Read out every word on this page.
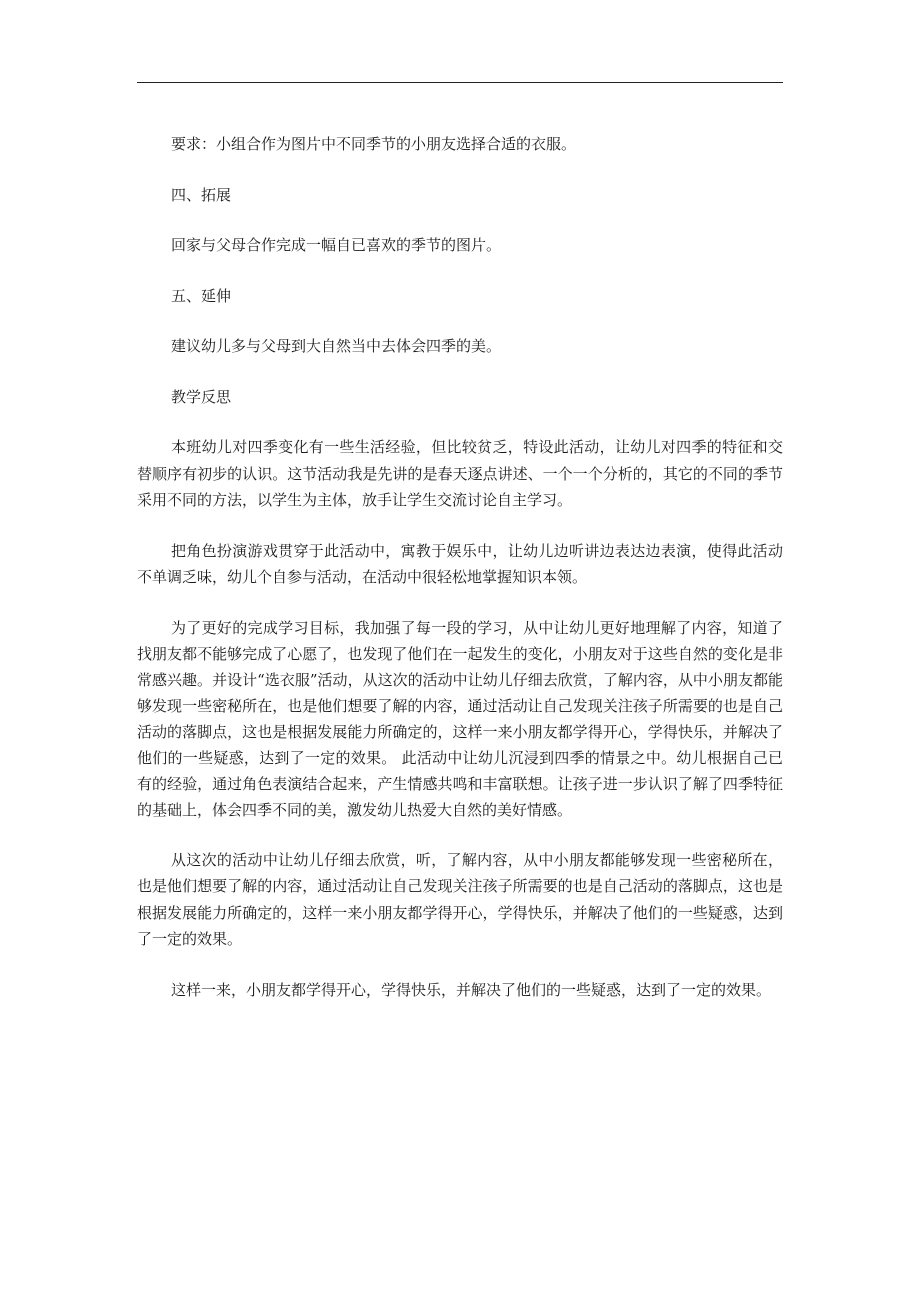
要求：小组合作为图片中不同季节的小朋友选择合适的衣服。

四、拓展

回家与父母合作完成一幅自已喜欢的季节的图片。

五、延伸

建议幼儿多与父母到大自然当中去体会四季的美。

教学反思

本班幼儿对四季变化有一些生活经验，但比较贫乏，特设此活动，让幼儿对四季的特征和交替顺序有初步的认识。这节活动我是先讲的是春天逐点讲述、一个一个分析的，其它的不同的季节采用不同的方法，以学生为主体，放手让学生交流讨论自主学习。

把角色扮演游戏贯穿于此活动中，寓教于娱乐中，让幼儿边听讲边表达边表演，使得此活动不单调乏味，幼儿个自参与活动，在活动中很轻松地掌握知识本领。

为了更好的完成学习目标，我加强了每一段的学习，从中让幼儿更好地理解了内容，知道了找朋友都不能够完成了心愿了，也发现了他们在一起发生的变化，小朋友对于这些自然的变化是非常感兴趣。并设计“选衣服”活动，从这次的活动中让幼儿仔细去欣赏，了解内容，从中小朋友都能够发现一些密秘所在，也是他们想要了解的内容，通过活动让自己发现关注孩子所需要的也是自己活动的落脚点，这也是根据发展能力所确定的，这样一来小朋友都学得开心，学得快乐，并解决了他们的一些疑惑，达到了一定的效果。 此活动中让幼儿沉浸到四季的情景之中。幼儿根据自己已有的经验，通过角色表演结合起来，产生情感共鸣和丰富联想。让孩子进一步认识了解了四季特征的基础上，体会四季不同的美，激发幼儿热爱大自然的美好情感。

从这次的活动中让幼儿仔细去欣赏，听，了解内容，从中小朋友都能够发现一些密秘所在，也是他们想要了解的内容，通过活动让自己发现关注孩子所需要的也是自己活动的落脚点，这也是根据发展能力所确定的，这样一来小朋友都学得开心，学得快乐，并解决了他们的一些疑惑，达到了一定的效果。

这样一来，小朋友都学得开心，学得快乐，并解决了他们的一些疑惑，达到了一定的效果。
